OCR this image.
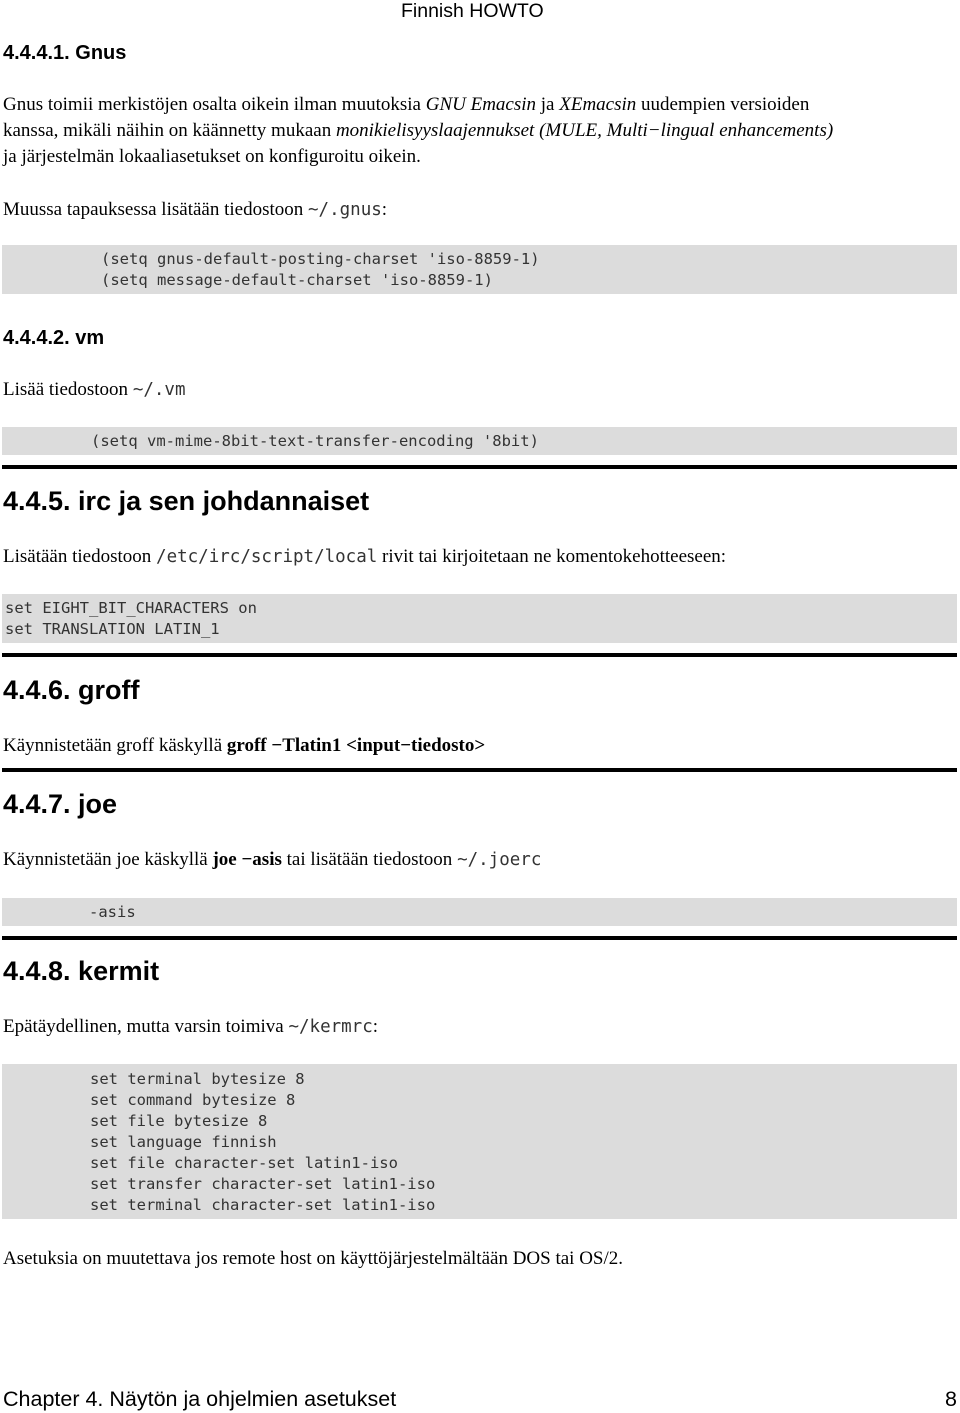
Finnish HOWTO
4.4.4.1. Gnus
Gnus toimii merkistöjen osalta oikein ilman muutoksia GNU Emacsin ja XEmacsin uudempien versioiden
kanssa, mikäli näihin on käännetty mukaan monikielisyyslaajennukset (MULE, Multi−lingual enhancements)
ja järjestelmän lokaaliasetukset on konfiguroitu oikein.
Muussa tapauksessa lisätään tiedostoon ~/.gnus:
(setq gnus-default-posting-charset 'iso-8859-1)
(setq message-default-charset 'iso-8859-1)
4.4.4.2. vm
Lisää tiedostoon ~/.vm
(setq vm-mime-8bit-text-transfer-encoding '8bit)
4.4.5. irc ja sen johdannaiset
Lisätään tiedostoon /etc/irc/script/local rivit tai kirjoitetaan ne komentokehotteeseen:
set EIGHT_BIT_CHARACTERS on
set TRANSLATION LATIN_1
4.4.6. groff
Käynnistetään groff käskyllä groff −Tlatin1 <input−tiedosto>
4.4.7. joe
Käynnistetään joe käskyllä joe −asis tai lisätään tiedostoon ~/.joerc
-asis
4.4.8. kermit
Epätäydellinen, mutta varsin toimiva ~/kermrc:
set terminal bytesize 8
set command bytesize 8
set file bytesize 8
set language finnish
set file character-set latin1-iso
set transfer character-set latin1-iso
set terminal character-set latin1-iso
Asetuksia on muutettava jos remote host on käyttöjärjestelmältään DOS tai OS/2.
Chapter 4. Näytön ja ohjelmien asetukset	8
